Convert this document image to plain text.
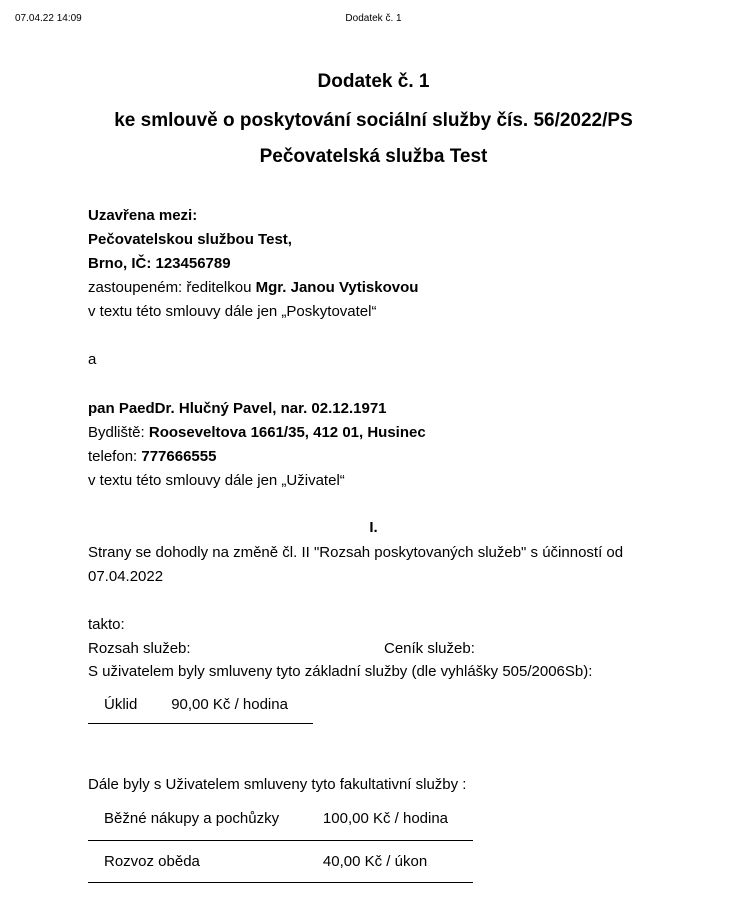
07.04.22 14:09	Dodatek č. 1
Dodatek č. 1
ke smlouvě o poskytování sociální služby čís. 56/2022/PS
Pečovatelská služba Test
Uzavřena mezi:
Pečovatelskou službou Test,
Brno, IČ: 123456789
zastoupeném: ředitelkou Mgr. Janou Vytiskovou
v textu této smlouvy dále jen „Poskytovatel“
a
pan PaedDr. Hlučný Pavel, nar. 02.12.1971
Bydliště: Rooseveltova 1661/35, 412 01, Husinec
telefon: 777666555
v textu této smlouvy dále jen „Uživatel“
I.
Strany se dohodly na změně čl. II "Rozsah poskytovaných služeb" s účinností od
07.04.2022
takto:
Rozsah služeb:	Ceník služeb:
S uživatelem byly smluveny tyto základní služby (dle vyhlášky 505/2006Sb):
Úklid	90,00 Kč / hodina
Dále byly s Uživatelem smluveny tyto fakultativní služby :
Běžné nákupy a pochůzky	100,00 Kč / hodina
Rozvoz oběda	40,00 Kč / úkon
